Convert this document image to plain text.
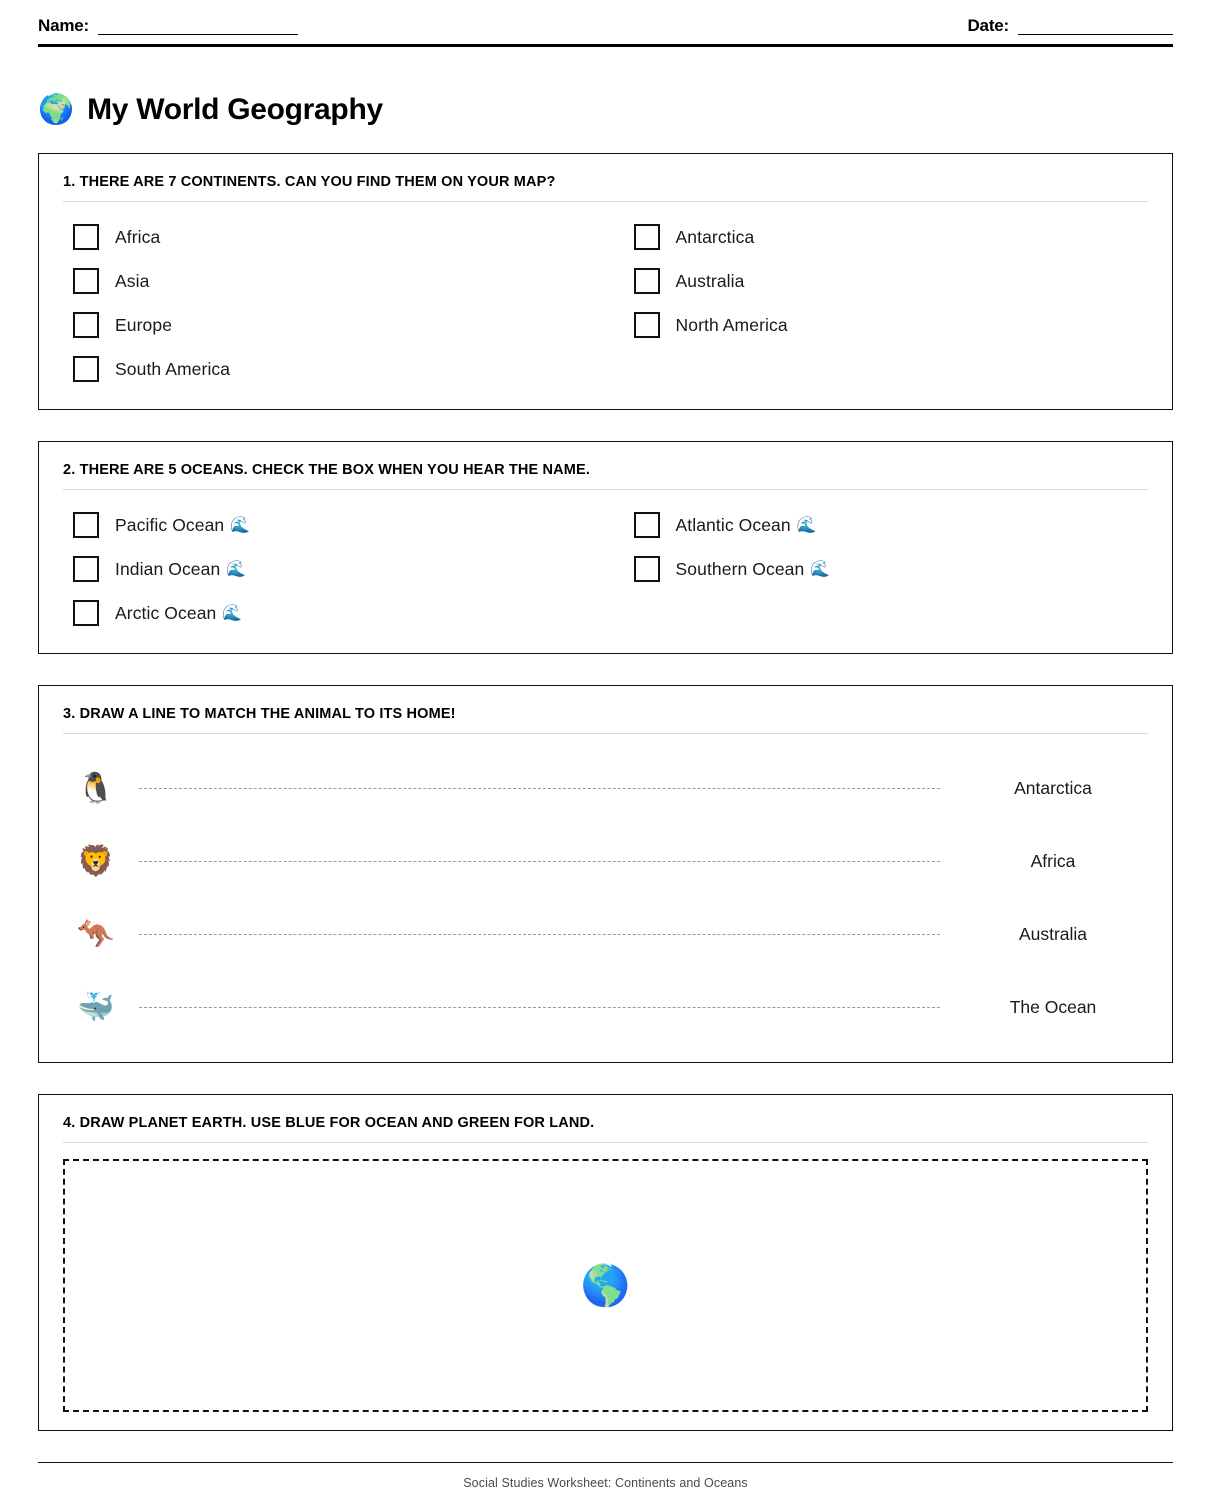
Name:	Date:
🌍 My World Geography
1. THERE ARE 7 CONTINENTS. CAN YOU FIND THEM ON YOUR MAP?
Africa	Antarctica
Asia	Australia
Europe	North America
South America
2. THERE ARE 5 OCEANS. CHECK THE BOX WHEN YOU HEAR THE NAME.
Pacific Ocean 🌊	Atlantic Ocean 🌊
Indian Ocean 🌊	Southern Ocean 🌊
Arctic Ocean 🌊
3. DRAW A LINE TO MATCH THE ANIMAL TO ITS HOME!
🐧	Antarctica
🦁	Africa
🦘	Australia
🐳	The Ocean
4. DRAW PLANET EARTH. USE BLUE FOR OCEAN AND GREEN FOR LAND.
🌎
Social Studies Worksheet: Continents and Oceans
